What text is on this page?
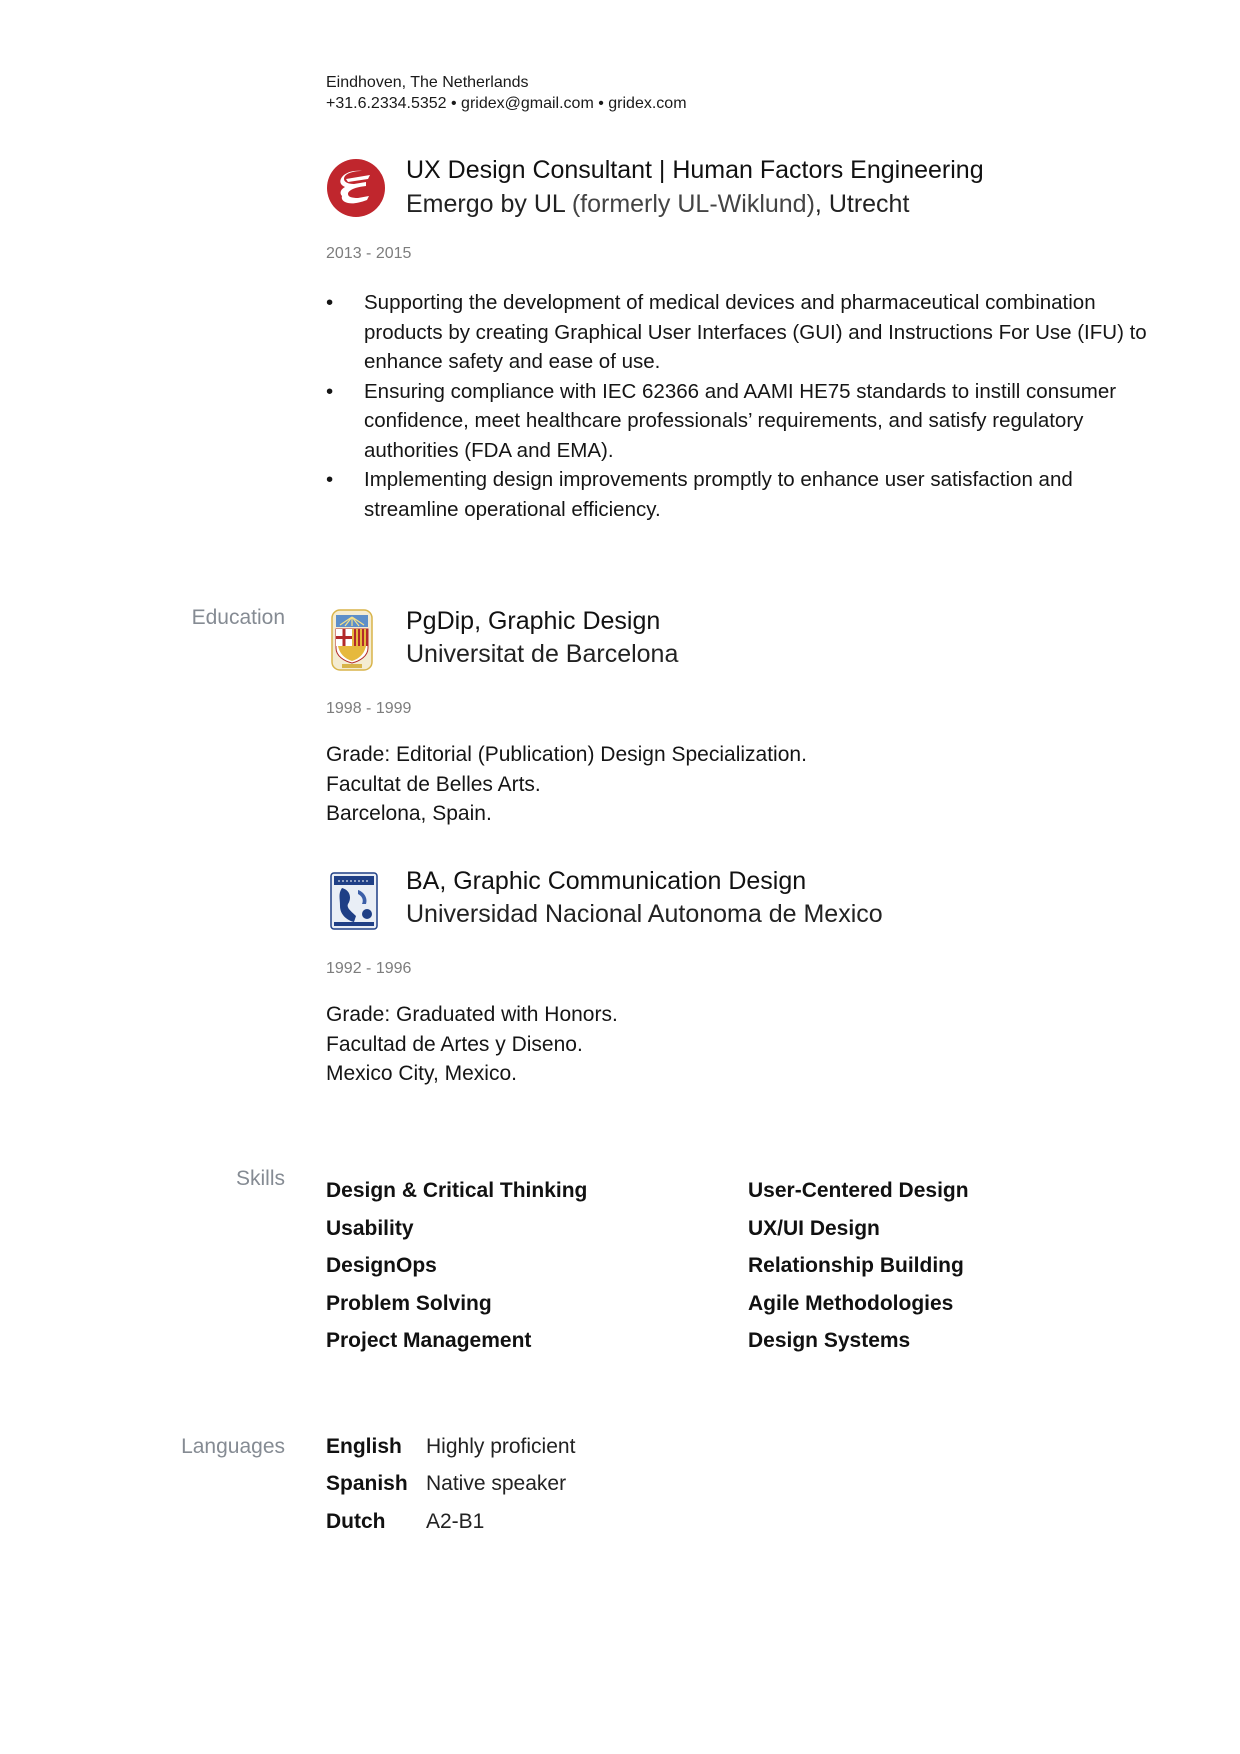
Eindhoven, The Netherlands
+31.6.2334.5352 • gridex@gmail.com • gridex.com
UX Design Consultant | Human Factors Engineering
Emergo by UL (formerly UL-Wiklund), Utrecht
2013 - 2015
• Supporting the development of medical devices and pharmaceutical combination products by creating Graphical User Interfaces (GUI) and Instructions For Use (IFU) to enhance safety and ease of use.
• Ensuring compliance with IEC 62366 and AAMI HE75 standards to instill consumer confidence, meet healthcare professionals’ requirements, and satisfy regulatory authorities (FDA and EMA).
• Implementing design improvements promptly to enhance user satisfaction and streamline operational efficiency.
Education	PgDip, Graphic Design
Universitat de Barcelona
1998 - 1999
Grade: Editorial (Publication) Design Specialization.
Facultat de Belles Arts.
Barcelona, Spain.
BA, Graphic Communication Design
Universidad Nacional Autonoma de Mexico
1992 - 1996
Grade: Graduated with Honors.
Facultad de Artes y Diseno.
Mexico City, Mexico.
Skills
Design & Critical Thinking
Usability
DesignOps
Problem Solving
Project Management
User-Centered Design
UX/UI Design
Relationship Building
Agile Methodologies
Design Systems
Languages English Highly proficient
Spanish Native speaker
Dutch A2-B1
